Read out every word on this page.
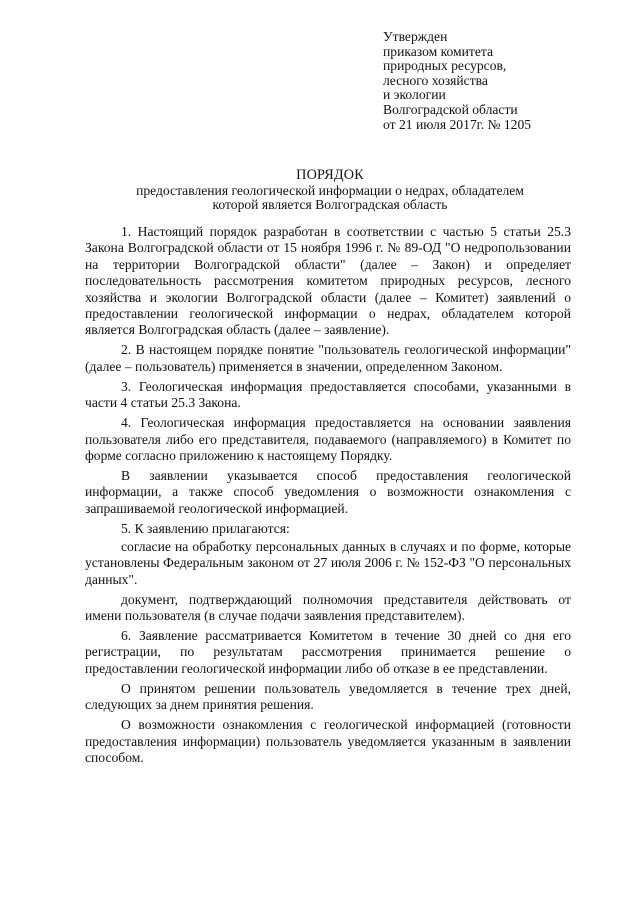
Утвержден
приказом комитета
природных ресурсов,
лесного хозяйства
и экологии
Волгоградской области
от 21 июля 2017г. № 1205
ПОРЯДОК
предоставления геологической информации о недрах, обладателем
которой является Волгоградская область

1. Настоящий порядок разработан в соответствии с частью 5 статьи 25.3 Закона Волгоградской области от 15 ноября 1996 г. № 89-ОД "О недропользовании на территории Волгоградской области" (далее – Закон) и определяет последовательность рассмотрения комитетом природных ресурсов, лесного хозяйства и экологии Волгоградской области (далее – Комитет) заявлений о предоставлении геологической информации о недрах, обладателем которой является Волгоградская область (далее – заявление).

2. В настоящем порядке понятие "пользователь геологической информации" (далее – пользователь) применяется в значении, определенном Законом.

3. Геологическая информация предоставляется способами, указанными в части 4 статьи 25.3 Закона.

4. Геологическая информация предоставляется на основании заявления пользователя либо его представителя, подаваемого (направляемого) в Комитет по форме согласно приложению к настоящему Порядку.

В заявлении указывается способ предоставления геологической информации, а также способ уведомления о возможности ознакомления с запрашиваемой геологической информацией.

5. К заявлению прилагаются:

согласие на обработку персональных данных в случаях и по форме, которые установлены Федеральным законом от 27 июля 2006 г. № 152-ФЗ "О персональных данных".

документ, подтверждающий полномочия представителя действовать от имени пользователя (в случае подачи заявления представителем).

6. Заявление рассматривается Комитетом в течение 30 дней со дня его регистрации, по результатам рассмотрения принимается решение о предоставлении геологической информации либо об отказе в ее представлении.

О принятом решении пользователь уведомляется в течение трех дней, следующих за днем принятия решения.

О возможности ознакомления с геологической информацией (готовности предоставления информации) пользователь уведомляется указанным в заявлении способом.
